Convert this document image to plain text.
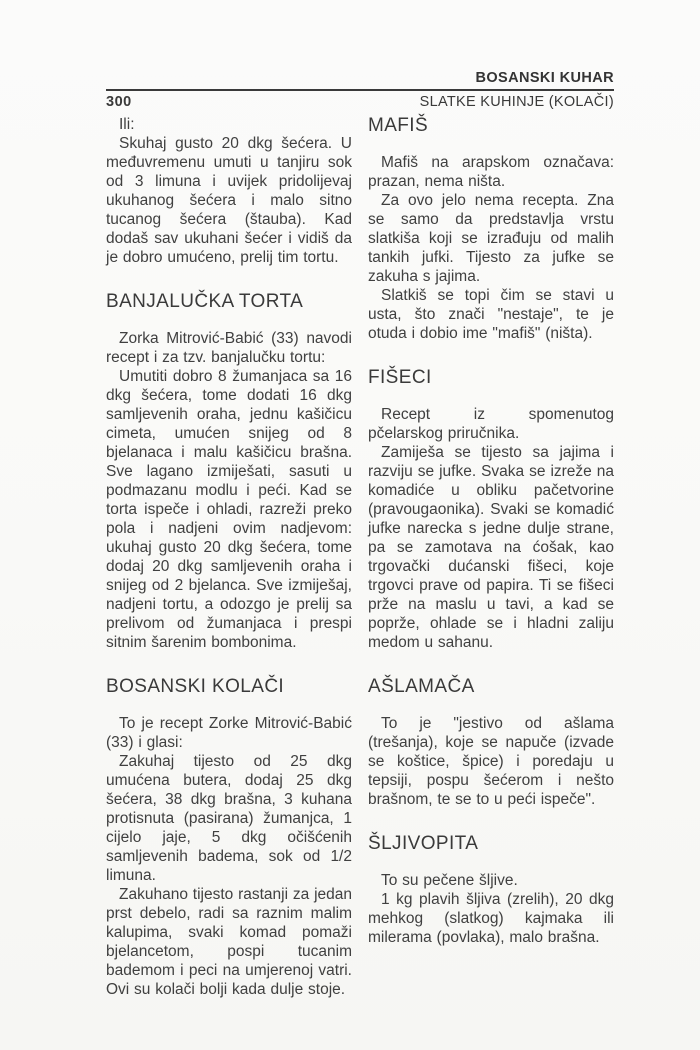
BOSANSKI KUHAR
300	SLATKE KUHINJE (KOLAČI)

Ili:

Skuhaj gusto 20 dkg šećera. U međuvremenu umuti u tanjiru sok od 3 limuna i uvijek pridolijevaj ukuhanog šećera i malo sitno tucanog šećera (štauba). Kad dodaš sav ukuhani šećer i vidiš da je dobro umućeno, prelij tim tortu.

BANJALUČKA TORTA

Zorka Mitrović-Babić (33) navodi recept i za tzv. banjalučku tortu:

Umutiti dobro 8 žumanjaca sa 16 dkg šećera, tome dodati 16 dkg samljevenih oraha, jednu kašičicu cimeta, umućen snijeg od 8 bjelanaca i malu kašičicu brašna. Sve lagano izmiješati, sasuti u podmazanu modlu i peći. Kad se torta ispeče i ohladi, razreži preko pola i nadjeni ovim nadjevom: ukuhaj gusto 20 dkg šećera, tome dodaj 20 dkg samljevenih oraha i snijeg od 2 bjelanca. Sve izmiješaj, nadjeni tortu, a odozgo je prelij sa prelivom od žumanjaca i prespi sitnim šarenim bombonima.

BOSANSKI KOLAČI

To je recept Zorke Mitrović-Babić (33) i glasi:

Zakuhaj tijesto od 25 dkg umućena butera, dodaj 25 dkg šećera, 38 dkg brašna, 3 kuhana protisnuta (pasirana) žumanjca, 1 cijelo jaje, 5 dkg očišćenih samljevenih badema, sok od 1/2 limuna.

Zakuhano tijesto rastanji za jedan prst debelo, radi sa raznim malim kalupima, svaki komad pomaži bjelancetom, pospi tucanim bademom i peci na umjerenoj vatri. Ovi su kolači bolji kada dulje stoje.

MAFIŠ

Mafiš na arapskom označava: prazan, nema ništa.

Za ovo jelo nema recepta. Zna se samo da predstavlja vrstu slatkiša koji se izrađuju od malih tankih jufki. Tijesto za jufke se zakuha s jajima.

Slatkiš se topi čim se stavi u usta, što znači "nestaje", te je otuda i dobio ime "mafiš" (ništa).

FIŠECI

Recept iz spomenutog pčelarskog priručnika.

Zamiješa se tijesto sa jajima i razviju se jufke. Svaka se izreže na komadiće u obliku pačetvorine (pravougaonika). Svaki se komadić jufke narecka s jedne dulje strane, pa se zamotava na ćošak, kao trgovački dućanski fišeci, koje trgovci prave od papira. Ti se fišeci prže na maslu u tavi, a kad se poprže, ohlade se i hladni zaliju medom u sahanu.

AŠLAMAČA

To je "jestivo od ašlama (trešanja), koje se napuče (izvade se koštice, špice) i poredaju u tepsiji, pospu šećerom i nešto brašnom, te se to u peći ispeče".

ŠLJIVOPITA

To su pečene šljive.

1 kg plavih šljiva (zrelih), 20 dkg mehkog (slatkog) kajmaka ili milerama (povlaka), malo brašna.
